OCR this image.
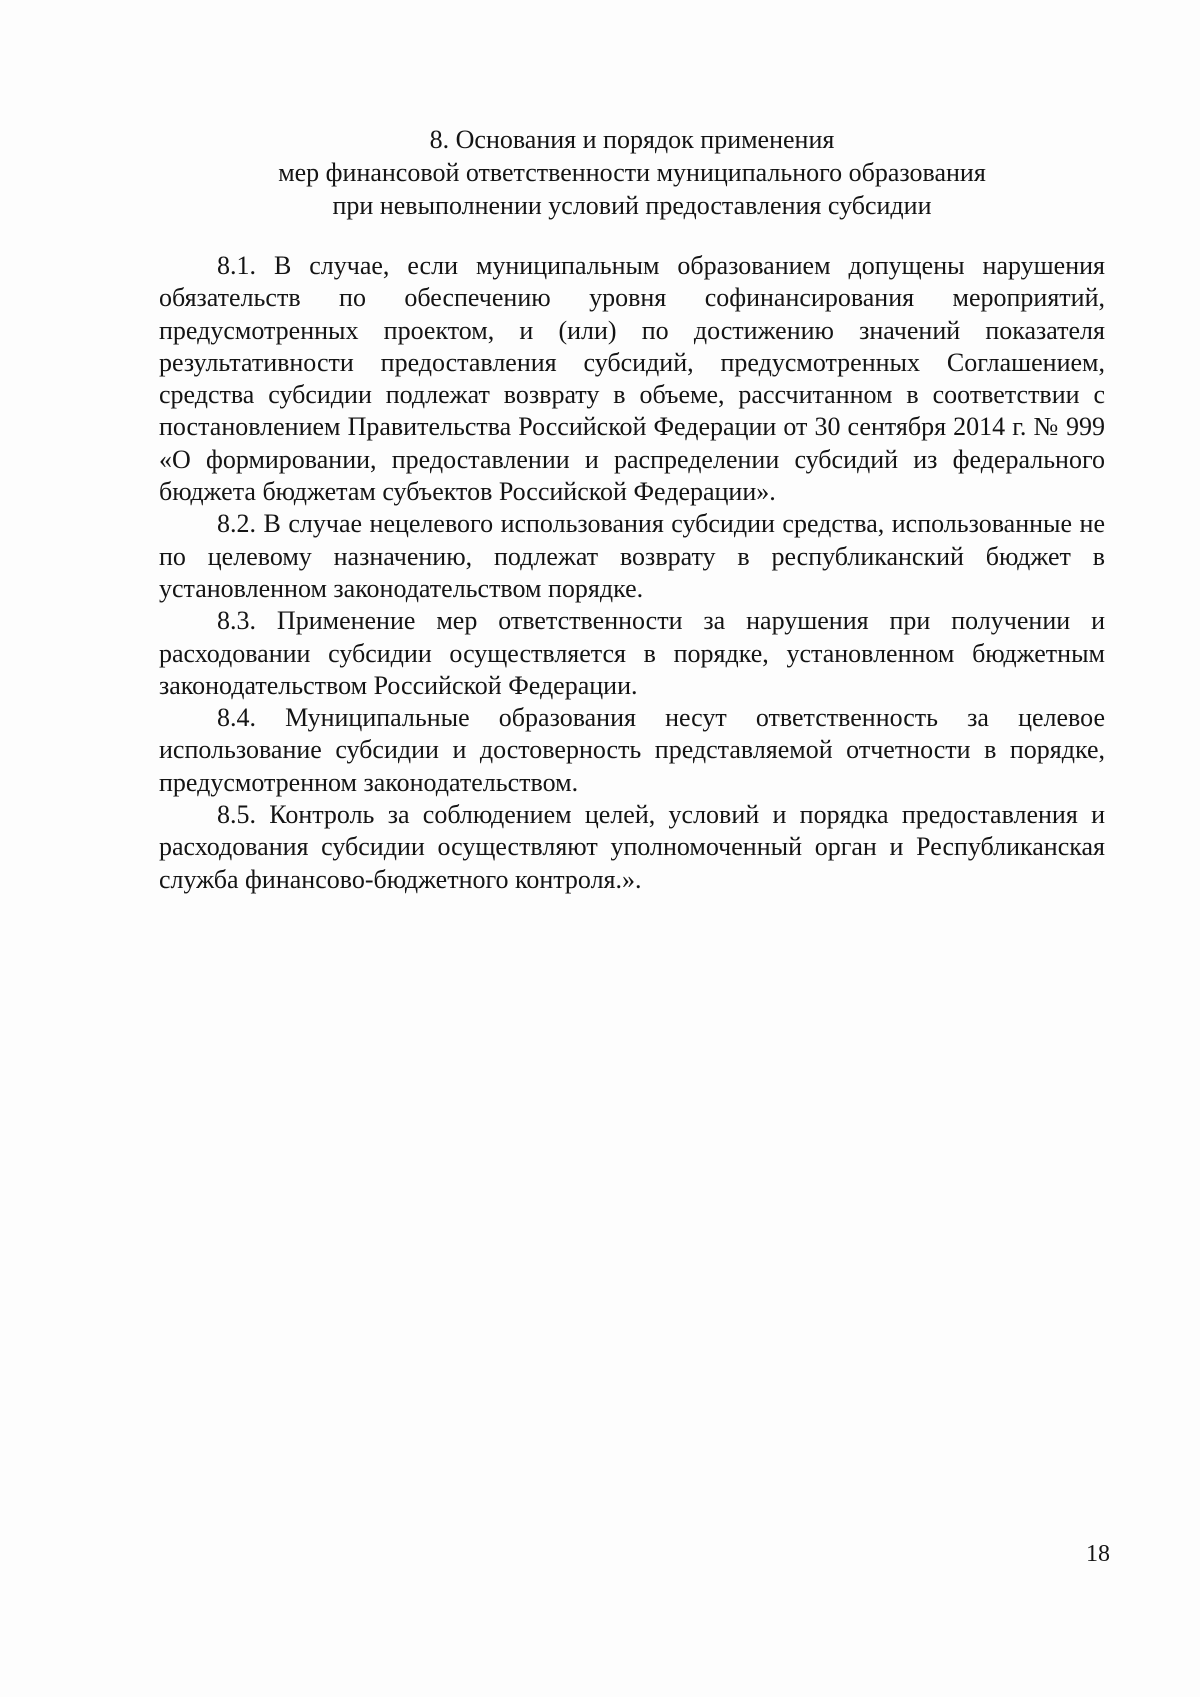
8. Основания и порядок применения
мер финансовой ответственности муниципального образования
при невыполнении условий предоставления субсидии

8.1. В случае, если муниципальным образованием допущены нарушения обязательств по обеспечению уровня софинансирования мероприятий, предусмотренных проектом, и (или) по достижению значений показателя результативности предоставления субсидий, предусмотренных Соглашением, средства субсидии подлежат возврату в объеме, рассчитанном в соответствии с постановлением Правительства Российской Федерации от 30 сентября 2014 г. № 999 «О формировании, предоставлении и распределении субсидий из федерального бюджета бюджетам субъектов Российской Федерации».

8.2. В случае нецелевого использования субсидии средства, использованные не по целевому назначению, подлежат возврату в республиканский бюджет в установленном законодательством порядке.

8.3. Применение мер ответственности за нарушения при получении и расходовании субсидии осуществляется в порядке, установленном бюджетным законодательством Российской Федерации.

8.4. Муниципальные образования несут ответственность за целевое использование субсидии и достоверность представляемой отчетности в порядке, предусмотренном законодательством.

8.5. Контроль за соблюдением целей, условий и порядка предоставления и расходования субсидии осуществляют уполномоченный орган и Республиканская служба финансово-бюджетного контроля.».

18
